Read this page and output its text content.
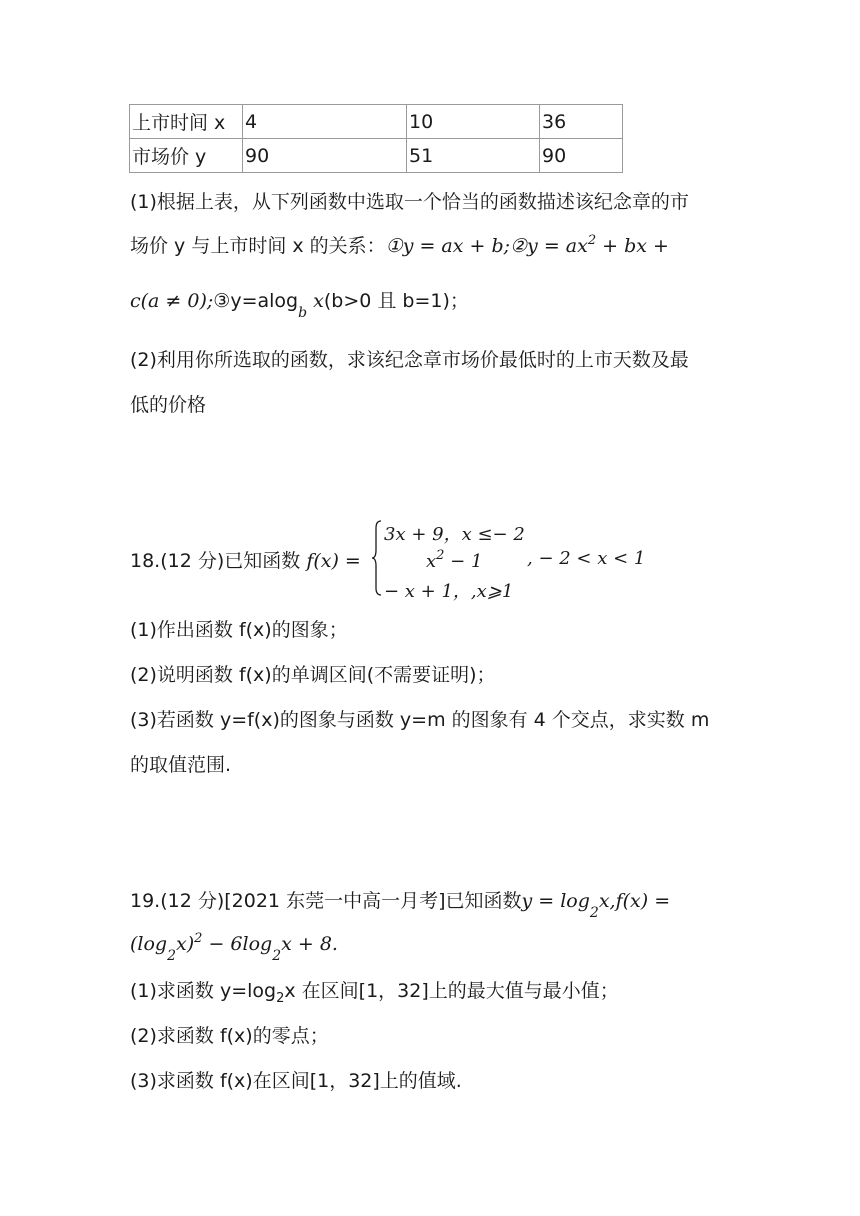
上市时间 x	4	10	36
市场价 y	90	51	90
(1)根据上表，从下列函数中选取一个恰当的函数描述该纪念章的市
场价 y 与上市时间 x 的关系：①𝑦 = 𝑎𝑥 + 𝑏;②𝑦 = 𝑎𝑥$^2$ + 𝑏𝑥 +
𝑐(𝑎 ≠ 0);③y=alog$_b$ 𝑥(b>0 且 b=1)；
(2)利用你所选取的函数，求该纪念章市场价最低时的上市天数及最
低的价格
18.(12 分)已知函数 𝑓(𝑥) =
3𝑥 + 9，𝑥 ≤− 2
𝑥$^2$ − 1 , − 2 < 𝑥 < 1
− 𝑥 + 1，,𝑥⩾1
(1)作出函数 f(x)的图象；
(2)说明函数 f(x)的单调区间(不需要证明)；
(3)若函数 y=f(x)的图象与函数 y=m 的图象有 4 个交点，求实数 m
的取值范围.
19.(12 分)[2021 东莞一中高一月考]已知函数𝑦 = $\log_2𝑥,𝑓(𝑥)$ =
$(\log_2𝑥)^2$ − $6\log_2𝑥 + 8$.
(1)求函数 $y=\log_2x$ 在区间[1，32]上的最大值与最小值；
(2)求函数 f(x)的零点；
(3)求函数 f(x)在区间[1，32]上的值域.
